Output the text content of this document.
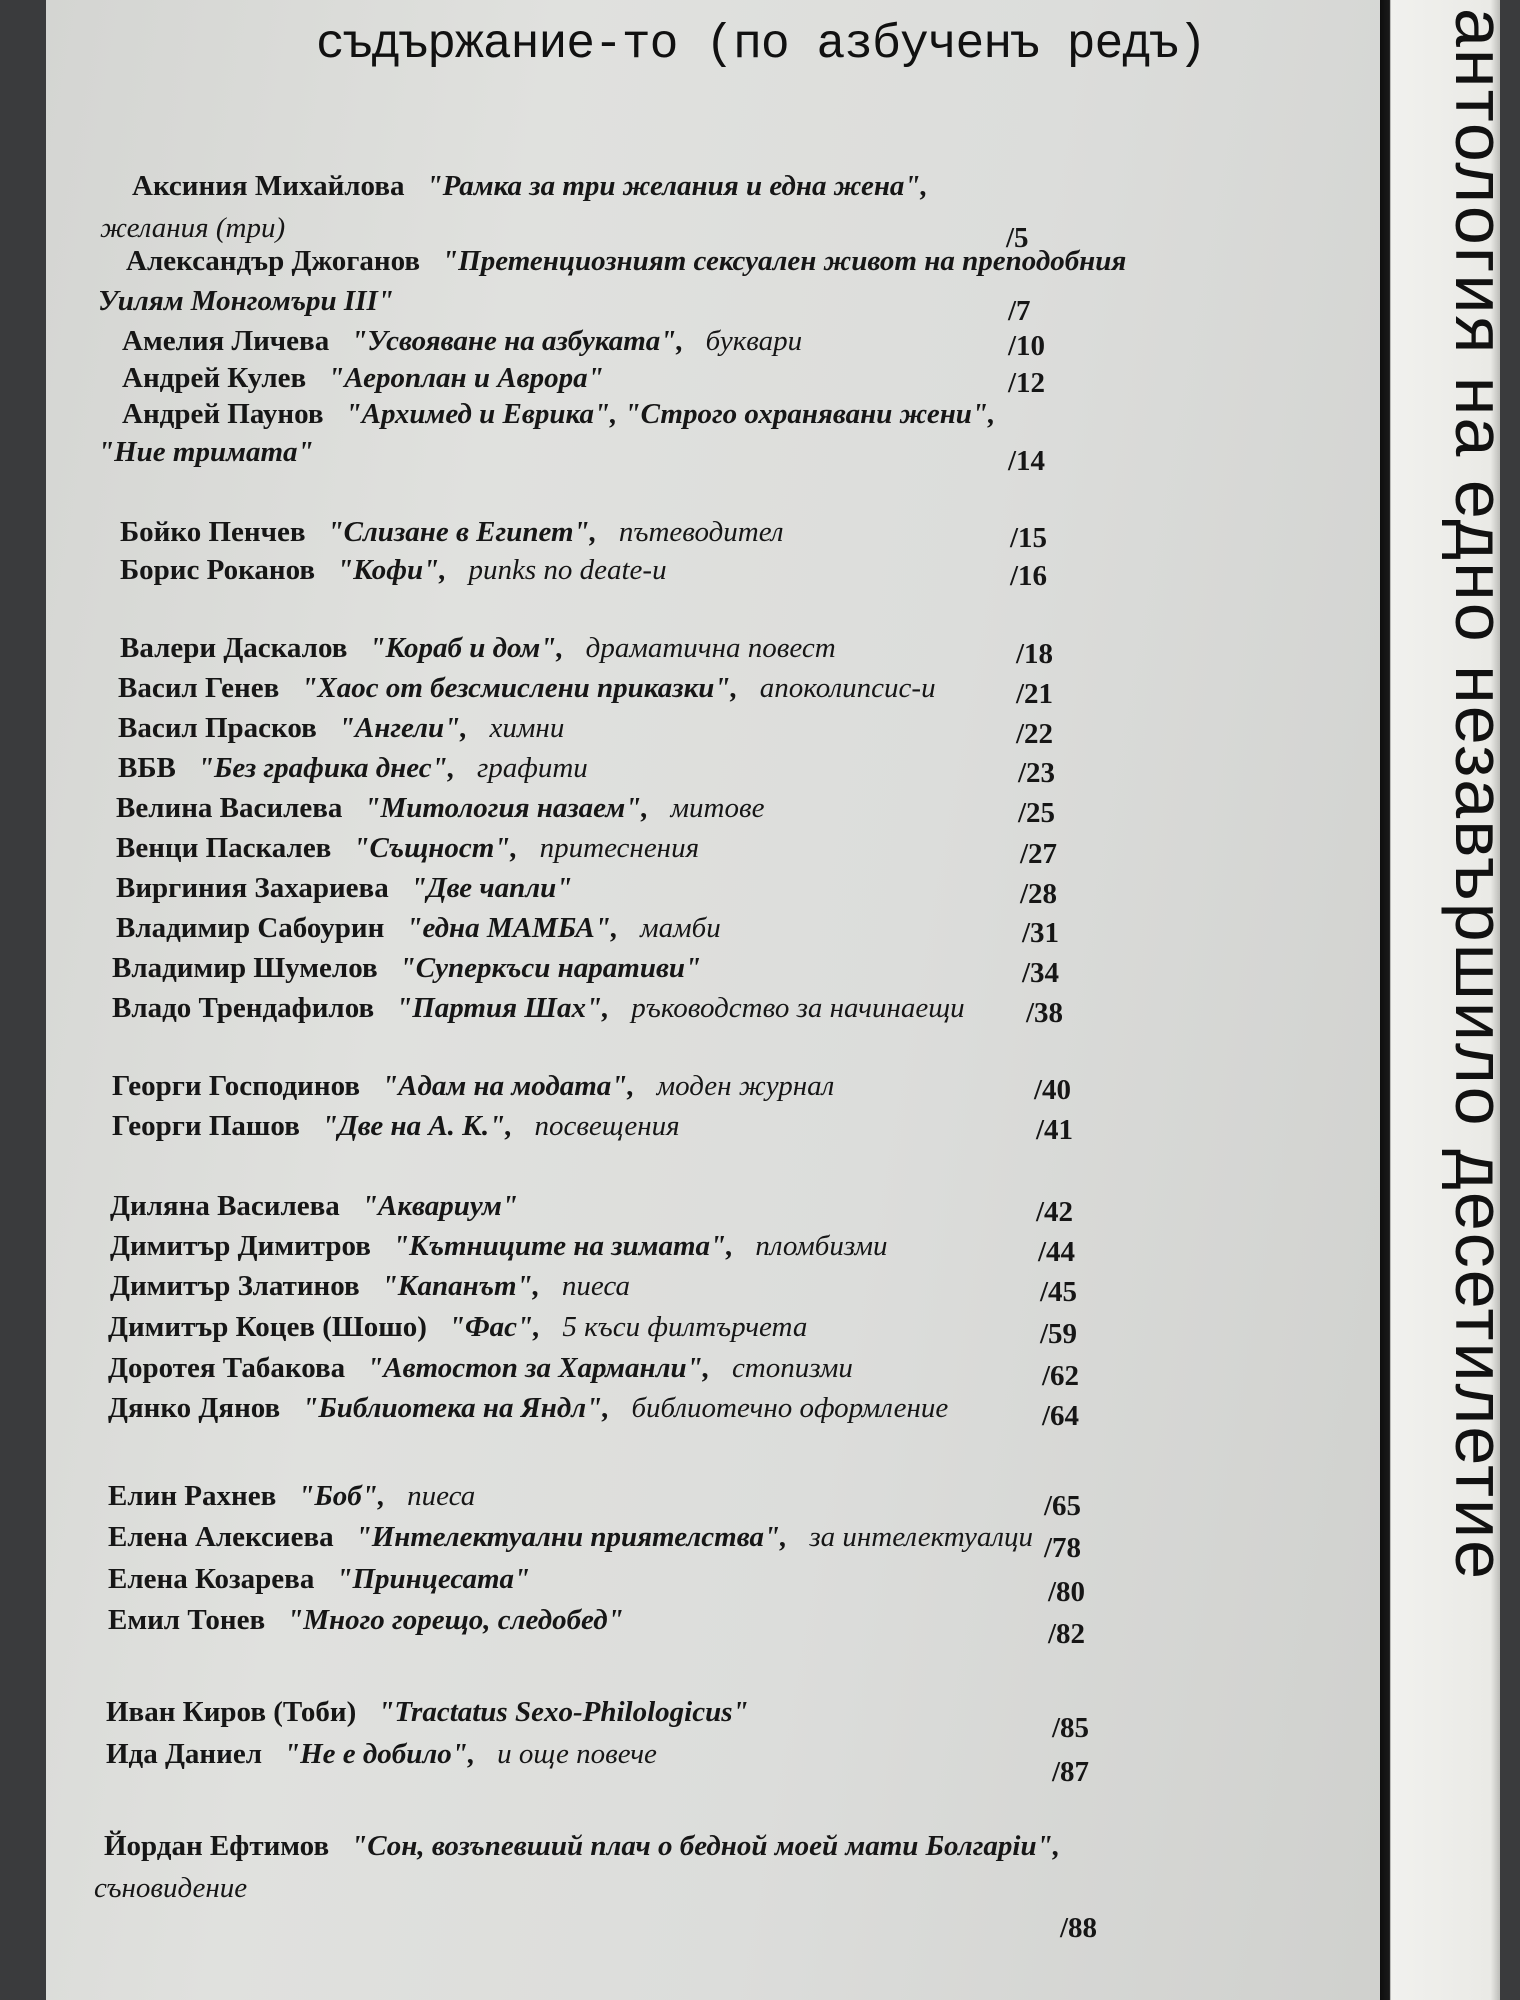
съдържание-то (по азбученъ редъ)
Аксиния Михайлова "Рамка за три желания и една жена",
желания (три)	/5
Александър Джоганов "Претенциозният сексуален живот на преподобния
Уилям Монгомъри III"	/7
Амелия Личева "Усвояване на азбуката", буквари	/10
Андрей Кулев "Аероплан и Аврора"	/12
Андрей Паунов "Архимед и Еврика", "Строго охранявани жени",
"Ние тримата"	/14
Бойко Пенчев "Слизане в Египет", пътеводител	/15
Борис Роканов "Кофи", punks по deate-и	/16
Валери Даскалов "Кораб и дом", драматична повест	/18
Васил Генев "Хаос от безсмислени приказки", апоколипсис-и	/21
Васил Прасков "Ангели", химни	/22
ВБВ "Без графика днес", графити	/23
Велина Василева "Митология назаем", митове	/25
Венци Паскалев "Същност", притеснения	/27
Виргиния Захариева "Две чапли"	/28
Владимир Сабоурин "една МАМБА", мамби	/31
Владимир Шумелов "Суперкъси наративи"	/34
Владо Трендафилов "Партия Шах", ръководство за начинаещи /38
Георги Господинов "Адам на модата", моден журнал	/40
Георги Пашов "Две на А. К.", посвещения	/41
Диляна Василева "Аквариум"	/42
Димитър Димитров "Кътниците на зимата", пломбизми	/44
Димитър Златинов "Капанът", пиеса	/45
Димитър Коцев (Шошо) "Фас", 5 къси филтърчета	/59
Доротея Табакова "Автостоп за Харманли", стопизми	/62
Дянко Дянов "Библиотека на Яндл", библиотечно оформление	/64
Елин Рахнев "Боб", пиеса	/65
Елена Алексиева "Интелектуални приятелства", за интелектуалци /78
Елена Козарева "Принцесата"	/80
Емил Тонев "Много горещо, следобед"	/82
Иван Киров (Тоби) "Tractatus Sexo-Philologicus"	/85
Ида Даниел "Не е добило", и още повече
/87
Йордан Ефтимов "Сон, возъпевший плач о бедной моей мати Болгаріи",
съновидение
/88
антология на едно незавършило десетилетие
